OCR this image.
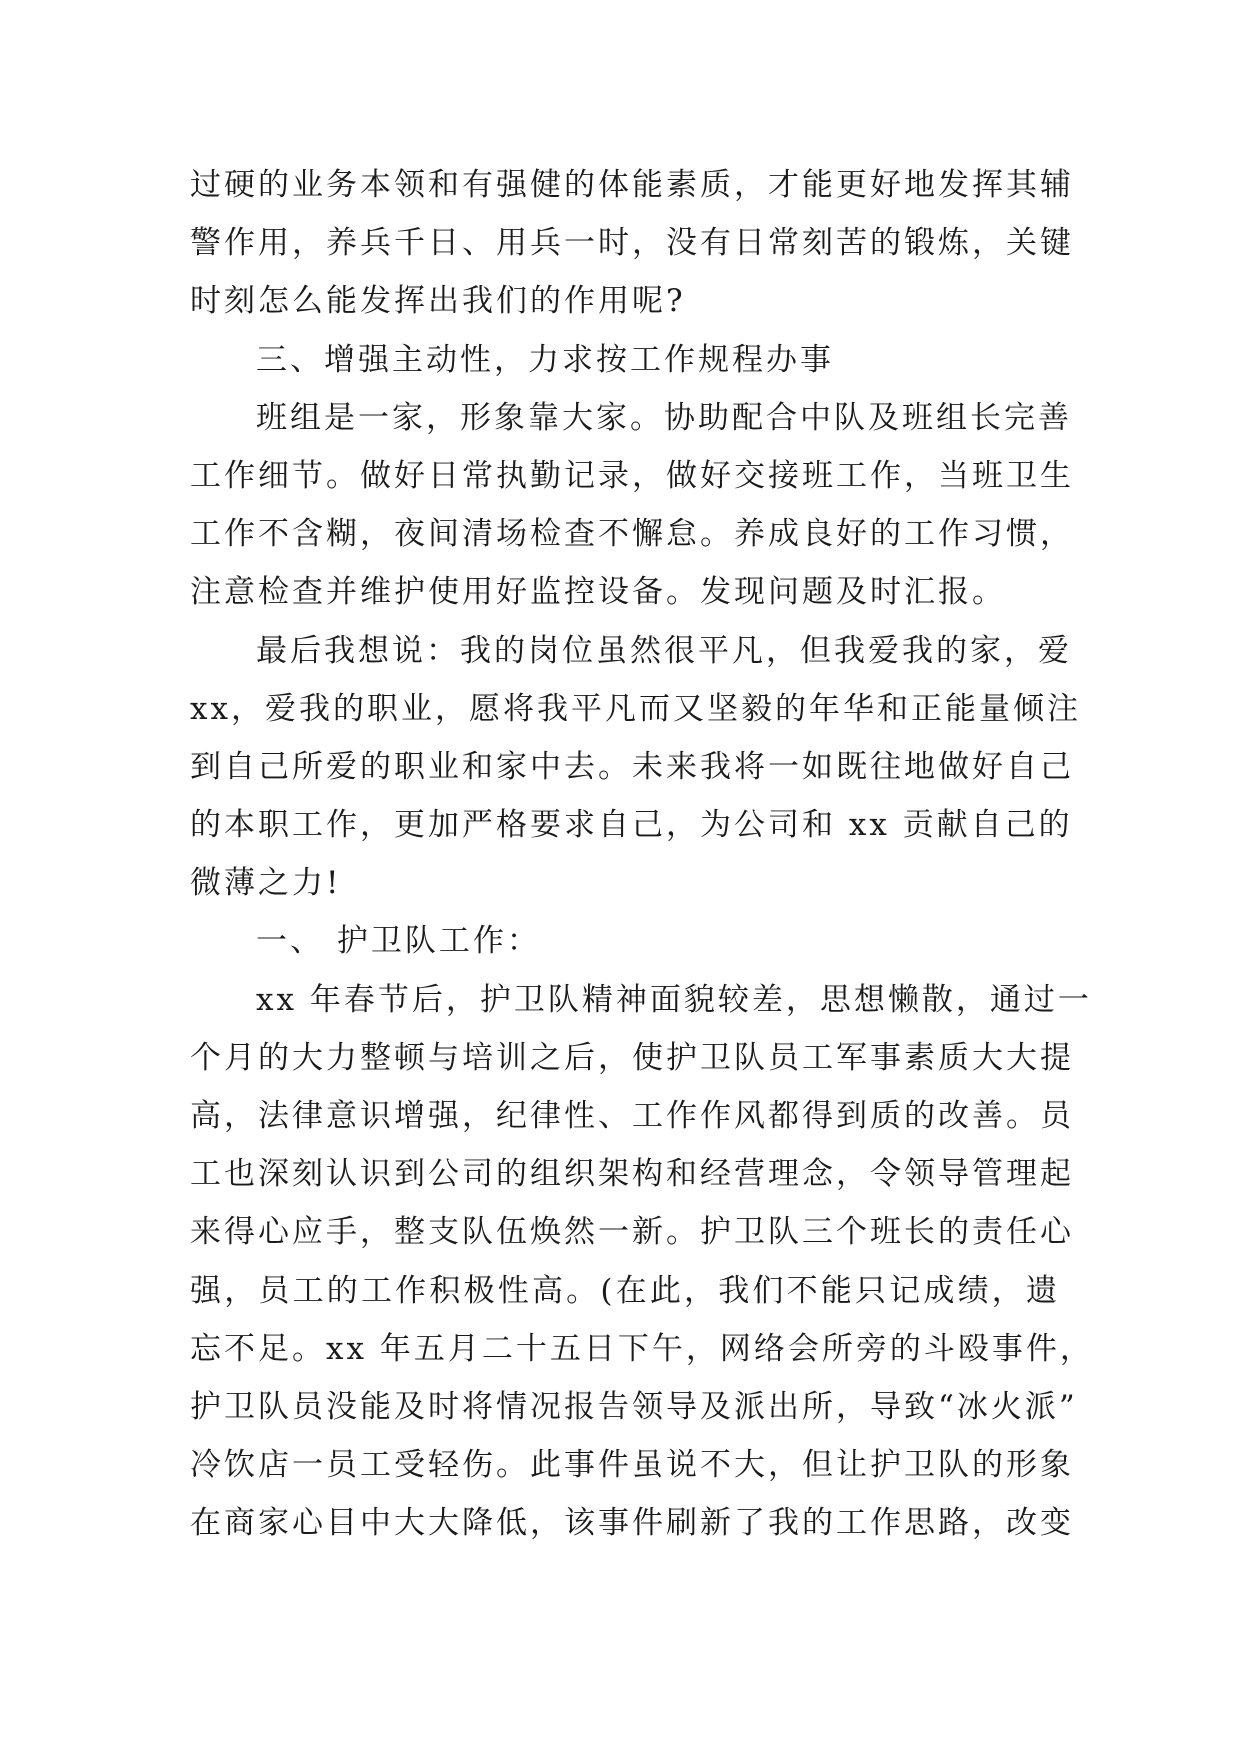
过硬的业务本领和有强健的体能素质，才能更好地发挥其辅
警作用，养兵千日、用兵一时，没有日常刻苦的锻炼，关键
时刻怎么能发挥出我们的作用呢?
三、增强主动性，力求按工作规程办事
班组是一家，形象靠大家。协助配合中队及班组长完善
工作细节。做好日常执勤记录，做好交接班工作，当班卫生
工作不含糊，夜间清场检查不懈怠。养成良好的工作习惯，
注意检查并维护使用好监控设备。发现问题及时汇报。
最后我想说：我的岗位虽然很平凡，但我爱我的家，爱
xx，爱我的职业，愿将我平凡而又坚毅的年华和正能量倾注
到自己所爱的职业和家中去。未来我将一如既往地做好自己
的本职工作，更加严格要求自己，为公司和 xx 贡献自己的
微薄之力!
一、 护卫队工作：
xx 年春节后，护卫队精神面貌较差，思想懒散，通过一
个月的大力整顿与培训之后，使护卫队员工军事素质大大提
高，法律意识增强，纪律性、工作作风都得到质的改善。员
工也深刻认识到公司的组织架构和经营理念，令领导管理起
来得心应手，整支队伍焕然一新。护卫队三个班长的责任心
强，员工的工作积极性高。(在此，我们不能只记成绩，遗
忘不足。xx 年五月二十五日下午，网络会所旁的斗殴事件，
护卫队员没能及时将情况报告领导及派出所，导致“冰火派”
冷饮店一员工受轻伤。此事件虽说不大，但让护卫队的形象
在商家心目中大大降低，该事件刷新了我的工作思路，改变
